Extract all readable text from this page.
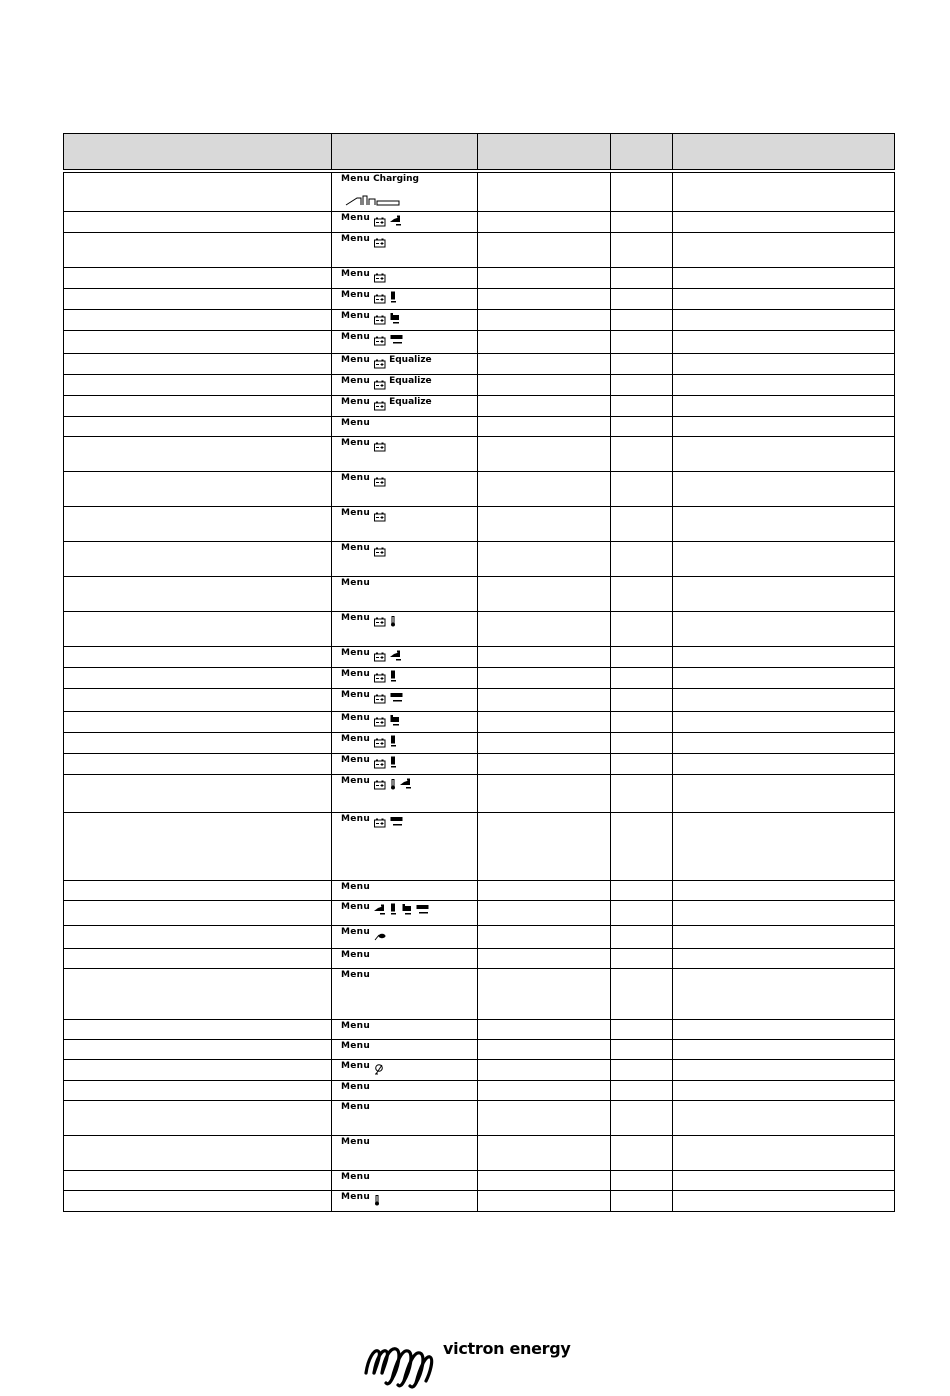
	Menu Charging			
	Menu			
	Menu			
	Menu			
	Menu			
	Menu			
	Menu			
	Menu Equalize			
	Menu Equalize			
	Menu Equalize			
	Menu			
	Menu			
	Menu			
	Menu			
	Menu			
	Menu			
	Menu			
	Menu			
	Menu			
	Menu			
	Menu			
	Menu			
	Menu			
	Menu			
	Menu			
	Menu			
	Menu			
	Menu			
	Menu			
	Menu			
	Menu			
	Menu			
	Menu			
	Menu			
	Menu			
	Menu			
	Menu			
	Menu			
victron energy
